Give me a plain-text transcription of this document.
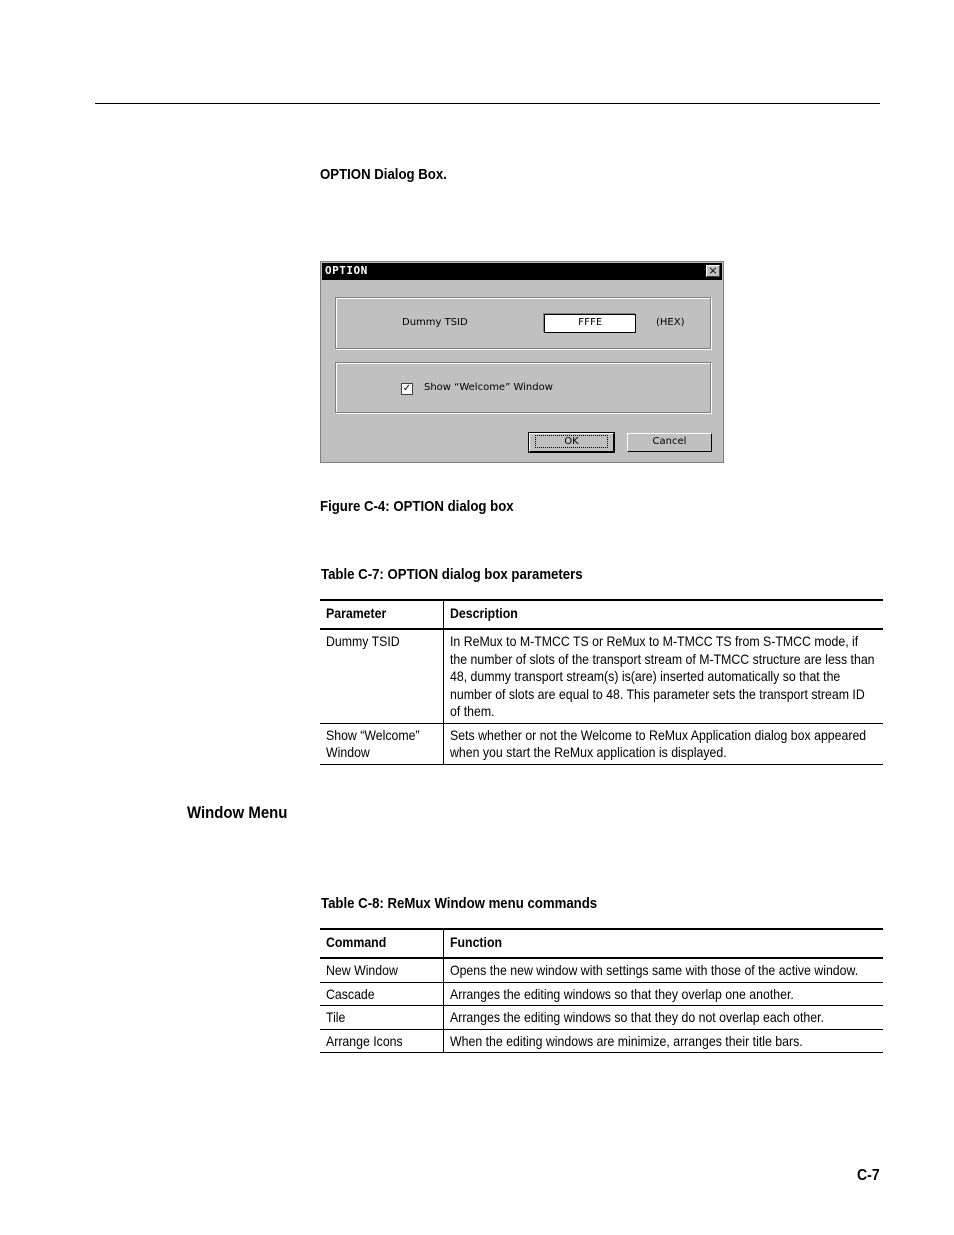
OPTION Dialog Box.
OPTION	×
Dummy TSID	FFFE	(HEX)
✓ Show “Welcome” Window
OK	Cancel
Figure C-4: OPTION dialog box
Table C-7: OPTION dialog box parameters
Parameter	Description
Dummy TSID	In ReMux to M-TMCC TS or ReMux to M-TMCC TS from S-TMCC mode, if the number of slots of the transport stream of M-TMCC structure are less than 48, dummy transport stream(s) is(are) inserted automatically so that the number of slots are equal to 48. This parameter sets the transport stream ID of them.
Show “Welcome” Window	Sets whether or not the Welcome to ReMux Application dialog box appeared when you start the ReMux application is displayed.
Window Menu
Table C-8: ReMux Window menu commands
Command	Function
New Window	Opens the new window with settings same with those of the active window.
Cascade	Arranges the editing windows so that they overlap one another.
Tile	Arranges the editing windows so that they do not overlap each other.
Arrange Icons	When the editing windows are minimize, arranges their title bars.
C-7
